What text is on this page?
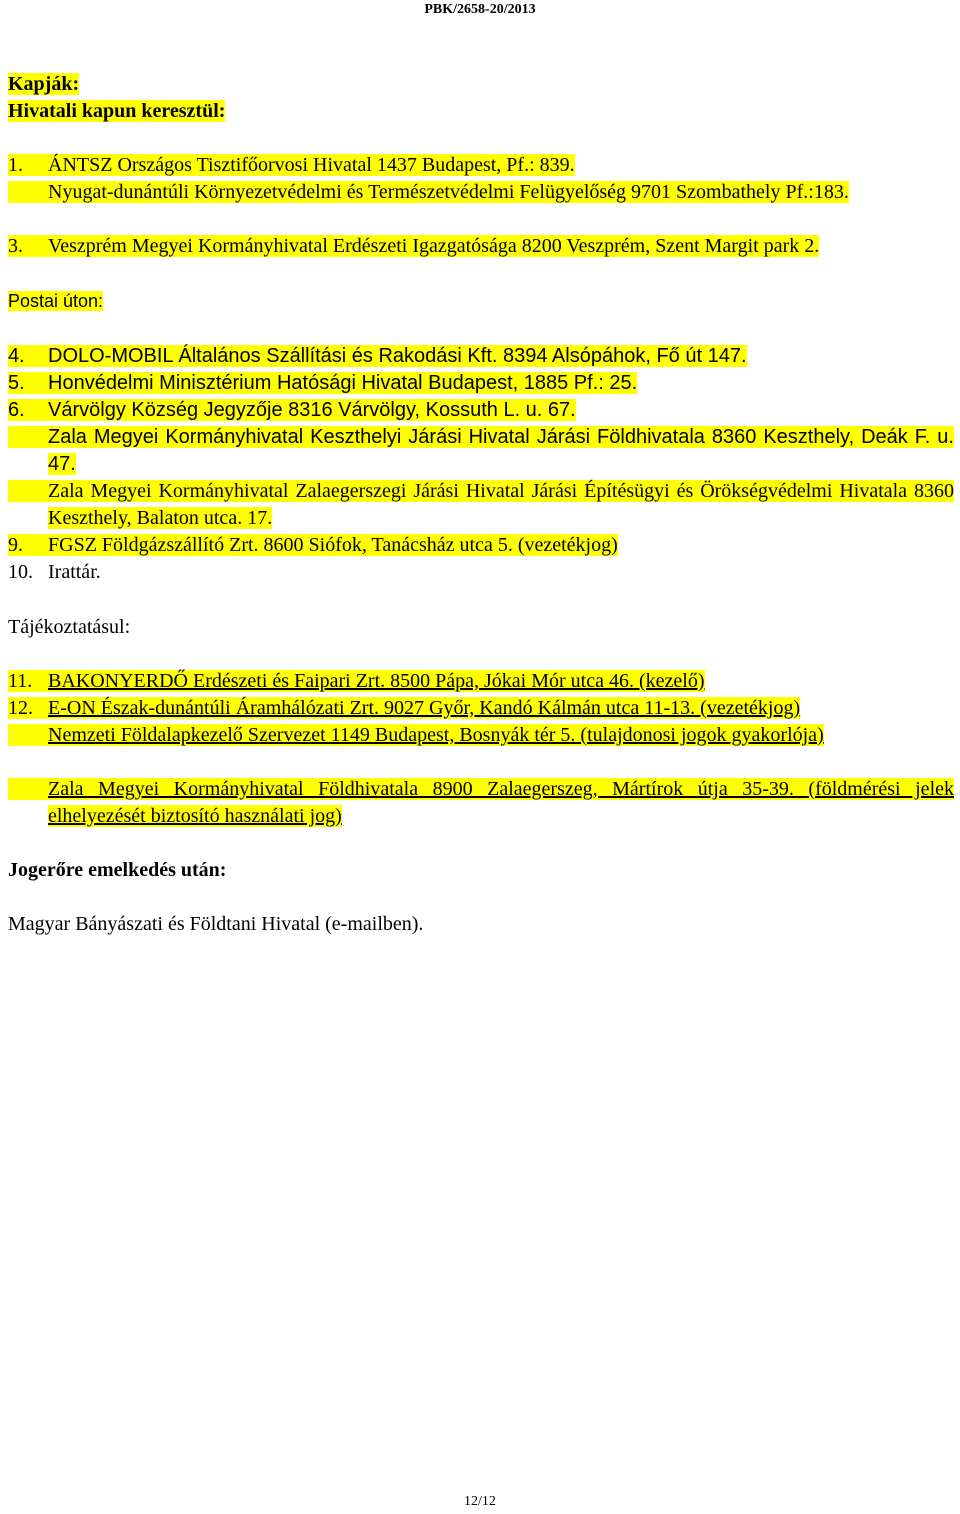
PBK/2658-20/2013
Kapják:
Hivatali kapun keresztül:
1. ÁNTSZ Országos Tisztifőorvosi Hivatal 1437 Budapest, Pf.: 839.
Nyugat-dunántúli Környezetvédelmi és Természetvédelmi Felügyelőség 9701 Szombathely Pf.:183.
3. Veszprém Megyei Kormányhivatal Erdészeti Igazgatósága 8200 Veszprém, Szent Margit park 2.
Postai úton:
4. DOLO-MOBIL Általános Szállítási és Rakodási Kft. 8394 Alsópáhok, Fő út 147.
5. Honvédelmi Minisztérium Hatósági Hivatal Budapest, 1885 Pf.: 25.
6. Várvölgy Község Jegyzője 8316 Várvölgy, Kossuth L. u. 67.
Zala Megyei Kormányhivatal Keszthelyi Járási Hivatal Járási Földhivatala 8360 Keszthely, Deák F. u. 47.
Zala Megyei Kormányhivatal Zalaegerszegi Járási Hivatal Járási Építésügyi és Örökségvédelmi Hivatala 8360 Keszthely, Balaton utca. 17.
9. FGSZ Földgázszállító Zrt. 8600 Siófok, Tanácsház utca 5. (vezetékjog)
10. Irattár.
Tájékoztatásul:
11. BAKONYERDŐ Erdészeti és Faipari Zrt. 8500 Pápa, Jókai Mór utca 46. (kezelő)
12. E-ON Észak-dunántúli Áramhálózati Zrt. 9027 Győr, Kandó Kálmán utca 11-13. (vezetékjog)
Nemzeti Földalapkezelő Szervezet 1149 Budapest, Bosnyák tér 5. (tulajdonosi jogok gyakorlója)
Zala Megyei Kormányhivatal Földhivatala 8900 Zalaegerszeg, Mártírok útja 35-39. (földmérési jelek elhelyezését biztosító használati jog)
Jogerőre emelkedés után:
Magyar Bányászati és Földtani Hivatal (e-mailben).
12/12
